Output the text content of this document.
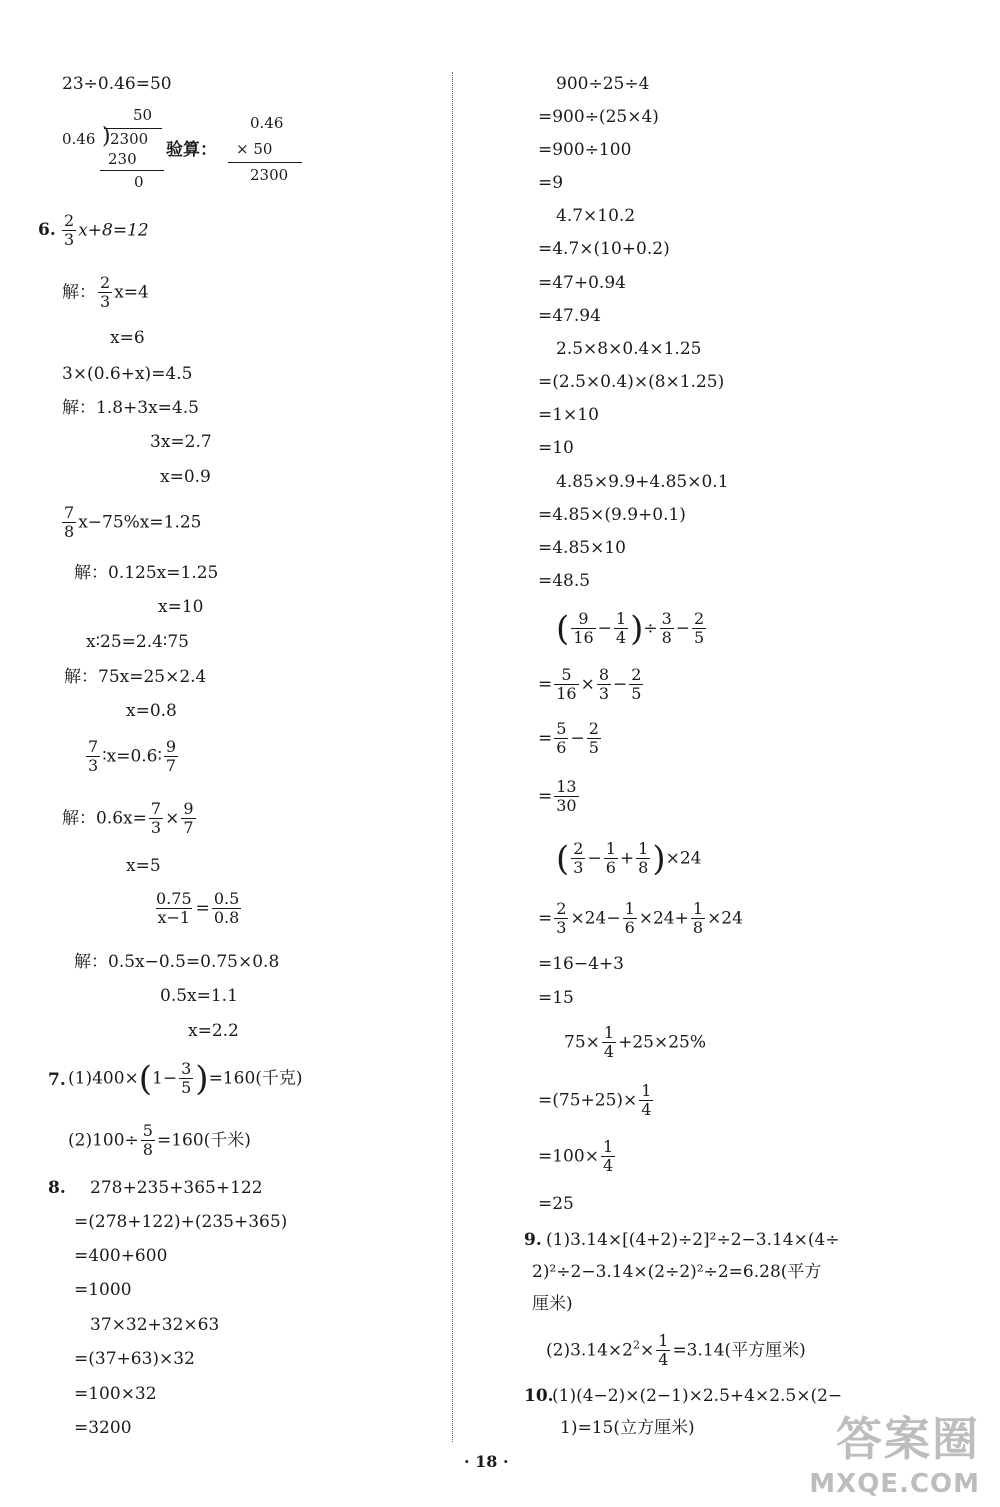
23÷0.46=50
50
0.46 ) 2300
230
0
验算：
0.46
× 50
2300
6. $\frac{2}{3} x+8=12$
解： $\frac{2}{3} x=4$
x=6
3×(0.6+x)=4.5
解：1.8+3x=4.5
3x=2.7
x=0.9
$\frac{7}{8} x-75\%x=1.25$
解：0.125x=1.25
x=10
x∶25=2.4∶75
解：75x=25×2.4
x=0.8
$\frac{7}{3}$ ∶x=0.6∶ $\frac{9}{7}$
解：$0.6x= \frac{7}{3} \times \frac{9}{7}$
x=5
$\frac{0.75}{x-1} = \frac{0.5}{0.8}$
解：0.5x−0.5=0.75×0.8
0.5x=1.1
x=2.2
7. $(1)400\times(1- \frac{3}{5} )=160$(千克)
$(2)100\div \frac{5}{8} =160$(千米)
8. 278+235+365+122
=(278+122)+(235+365)
=400+600
=1000
37×32+32×63
=(37+63)×32
=100×32
=3200
900÷25÷4
=900÷(25×4)
=900÷100
=9
4.7×10.2
=4.7×(10+0.2)
=47+0.94
=47.94
2.5×8×0.4×1.25
=(2.5×0.4)×(8×1.25)
=1×10
=10
4.85×9.9+4.85×0.1
=4.85×(9.9+0.1)
=4.85×10
=48.5
( $\frac{9}{16} - \frac{1}{4}$ )÷ $\frac{3}{8} - \frac{2}{5}$
= $\frac{5}{16} \times \frac{8}{3} - \frac{2}{5}$
= $\frac{5}{6} - \frac{2}{5}$
= $\frac{13}{30}$
( $\frac{2}{3} - \frac{1}{6} + \frac{1}{8} )\times 24$
= $\frac{2}{3} \times 24- \frac{1}{6} \times 24+ \frac{1}{8} \times 24$
=16−4+3
=15
$75\times \frac{1}{4} +25\times 25\%$
$=(75+25)\times \frac{1}{4}$
$=100\times \frac{1}{4}$
=25
9. (1)3.14×[(4+2)÷2]²÷2−3.14×(4÷
2)²÷2−3.14×(2÷2)²÷2=6.28(平方
厘米)
$(2)3.14\times 2^2\times \frac{1}{4} =3.14$(平方厘米)
10.
(1)(4−2)×(2−1)×2.5+4×2.5×(2−
1)=15(立方厘米)
· 18 ·	答案圈
MXQE.COM
